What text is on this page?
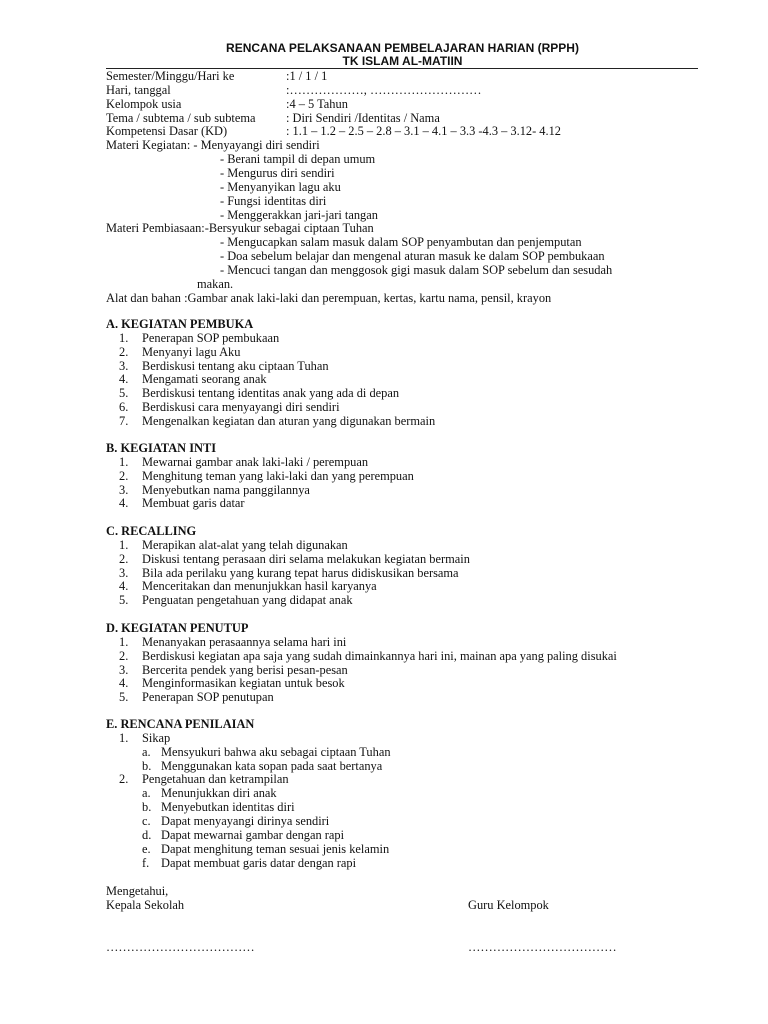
RENCANA PELAKSANAAN PEMBELAJARAN HARIAN (RPPH)
TK ISLAM AL-MATIIN
Semester/Minggu/Hari ke	:1 / 1 / 1
Hari, tanggal	:………………, ………………………
Kelompok usia	:4 – 5 Tahun
Tema / subtema / sub subtema : Diri Sendiri /Identitas / Nama
Kompetensi Dasar (KD)	: 1.1 – 1.2 – 2.5 – 2.8 – 3.1 – 4.1 – 3.3 -4.3 – 3.12- 4.12
Materi Kegiatan: - Menyayangi diri sendiri
- Berani tampil di depan umum
- Mengurus diri sendiri
- Menyanyikan lagu aku
- Fungsi identitas diri
- Menggerakkan jari-jari tangan
Materi Pembiasaan:-Bersyukur sebagai ciptaan Tuhan
- Mengucapkan salam masuk dalam SOP penyambutan dan penjemputan
- Doa sebelum belajar dan mengenal aturan masuk ke dalam SOP pembukaan
- Mencuci tangan dan menggosok gigi masuk dalam SOP sebelum dan sesudah
makan.
Alat dan bahan :Gambar anak laki-laki dan perempuan, kertas, kartu nama, pensil, krayon
A. KEGIATAN PEMBUKA
1. Penerapan SOP pembukaan
2. Menyanyi lagu Aku
3. Berdiskusi tentang aku ciptaan Tuhan
4. Mengamati seorang anak
5. Berdiskusi tentang identitas anak yang ada di depan
6. Berdiskusi cara menyayangi diri sendiri
7. Mengenalkan kegiatan dan aturan yang digunakan bermain
B. KEGIATAN INTI
1. Mewarnai gambar anak laki-laki / perempuan
2. Menghitung teman yang laki-laki dan yang perempuan
3. Menyebutkan nama panggilannya
4. Membuat garis datar
C. RECALLING
1. Merapikan alat-alat yang telah digunakan
2. Diskusi tentang perasaan diri selama melakukan kegiatan bermain
3. Bila ada perilaku yang kurang tepat harus didiskusikan bersama
4. Menceritakan dan menunjukkan hasil karyanya
5. Penguatan pengetahuan yang didapat anak
D. KEGIATAN PENUTUP
1. Menanyakan perasaannya selama hari ini
2. Berdiskusi kegiatan apa saja yang sudah dimainkannya hari ini, mainan apa yang paling disukai
3. Bercerita pendek yang berisi pesan-pesan
4. Menginformasikan kegiatan untuk besok
5. Penerapan SOP penutupan
E. RENCANA PENILAIAN
1. Sikap
a. Mensyukuri bahwa aku sebagai ciptaan Tuhan
b. Menggunakan kata sopan pada saat bertanya
2. Pengetahuan dan ketrampilan
a. Menunjukkan diri anak
b. Menyebutkan identitas diri
c. Dapat menyayangi dirinya sendiri
d. Dapat mewarnai gambar dengan rapi
e. Dapat menghitung teman sesuai jenis kelamin
f. Dapat membuat garis datar dengan rapi
Mengetahui,
Kepala Sekolah	Guru Kelompok
………………………………	………………………………
